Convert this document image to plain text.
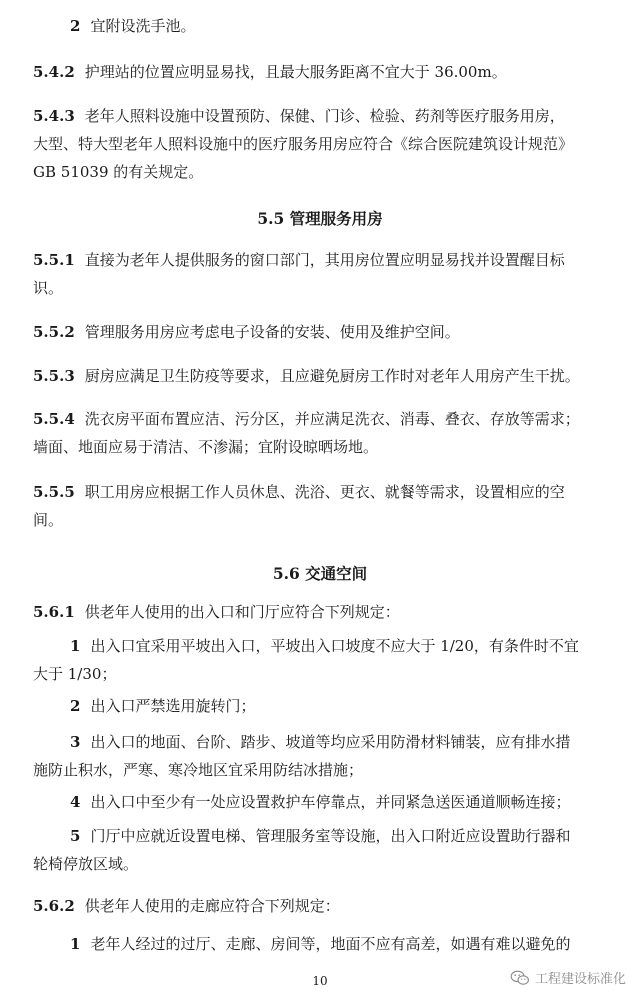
2 宜附设洗手池。
5.4.2 护理站的位置应明显易找，且最大服务距离不宜大于 36.00m。
5.4.3 老年人照料设施中设置预防、保健、门诊、检验、药剂等医疗服务用房，
大型、特大型老年人照料设施中的医疗服务用房应符合《综合医院建筑设计规范》
GB 51039 的有关规定。
5.5 管理服务用房
5.5.1 直接为老年人提供服务的窗口部门，其用房位置应明显易找并设置醒目标
识。
5.5.2 管理服务用房应考虑电子设备的安装、使用及维护空间。
5.5.3 厨房应满足卫生防疫等要求，且应避免厨房工作时对老年人用房产生干扰。
5.5.4 洗衣房平面布置应洁、污分区，并应满足洗衣、消毒、叠衣、存放等需求；
墙面、地面应易于清洁、不渗漏；宜附设晾晒场地。
5.5.5 职工用房应根据工作人员休息、洗浴、更衣、就餐等需求，设置相应的空
间。
5.6 交通空间
5.6.1 供老年人使用的出入口和门厅应符合下列规定：
1 出入口宜采用平坡出入口，平坡出入口坡度不应大于 1/20，有条件时不宜
大于 1/30；
2 出入口严禁选用旋转门；
3 出入口的地面、台阶、踏步、坡道等均应采用防滑材料铺装，应有排水措
施防止积水，严寒、寒冷地区宜采用防结冰措施；
4 出入口中至少有一处应设置救护车停靠点，并同紧急送医通道顺畅连接；
5 门厅中应就近设置电梯、管理服务室等设施，出入口附近应设置助行器和
轮椅停放区域。
5.6.2 供老年人使用的走廊应符合下列规定：
1 老年人经过的过厅、走廊、房间等，地面不应有高差，如遇有难以避免的
10	工程建设标准化
